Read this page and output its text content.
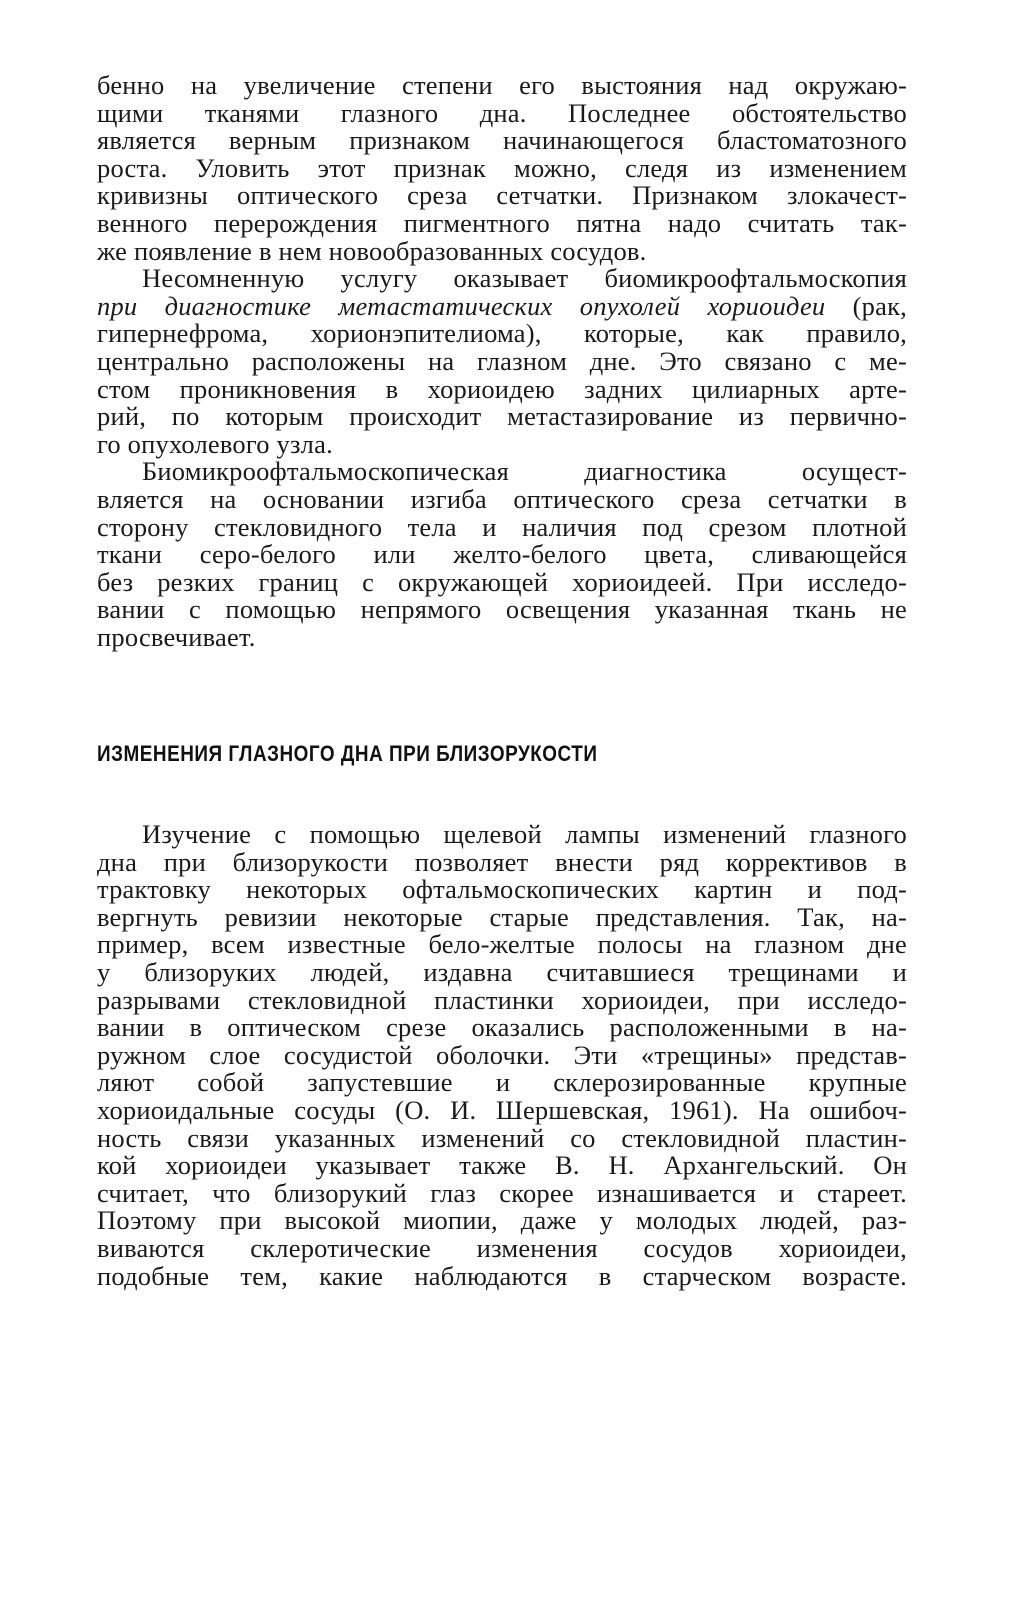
бенно на увеличение степени его выстояния над окружаю-
щими тканями глазного дна. Последнее обстоятельство
является верным признаком начинающегося бластоматозного
роста. Уловить этот признак можно, следя из изменением
кривизны оптического среза сетчатки. Признаком злокачест-
венного перерождения пигментного пятна надо считать так-
же появление в нем новообразованных сосудов.
Несомненную услугу оказывает биомикроофтальмоскопия
при диагностике метастатических опухолей хориоидеи (рак,
гипернефрома, хорионэпителиома), которые, как правило,
центрально расположены на глазном дне. Это связано с ме-
стом проникновения в хориоидею задних цилиарных арте-
рий, по которым происходит метастазирование из первично-
го опухолевого узла.
Биомикроофтальмоскопическая диагностика осущест-
вляется на основании изгиба оптического среза сетчатки в
сторону стекловидного тела и наличия под срезом плотной
ткани серо-белого или желто-белого цвета, сливающейся
без резких границ с окружающей хориоидеей. При исследо-
вании с помощью непрямого освещения указанная ткань не
просвечивает.
ИЗМЕНЕНИЯ ГЛАЗНОГО ДНА ПРИ БЛИЗОРУКОСТИ
Изучение с помощью щелевой лампы изменений глазного
дна при близорукости позволяет внести ряд коррективов в
трактовку некоторых офтальмоскопических картин и под-
вергнуть ревизии некоторые старые представления. Так, на-
пример, всем известные бело-желтые полосы на глазном дне
у близоруких людей, издавна считавшиеся трещинами и
разрывами стекловидной пластинки хориоидеи, при исследо-
вании в оптическом срезе оказались расположенными в на-
ружном слое сосудистой оболочки. Эти «трещины» представ-
ляют собой запустевшие и склерозированные крупные
хориоидальные сосуды (О. И. Шершевская, 1961). На ошибоч-
ность связи указанных изменений со стекловидной пластин-
кой хориоидеи указывает также В. Н. Архангельский. Он
считает, что близорукий глаз скорее изнашивается и стареет.
Поэтому при высокой миопии, даже у молодых людей, раз-
виваются склеротические изменения сосудов хориоидеи,
подобные тем, какие наблюдаются в старческом возрасте.
